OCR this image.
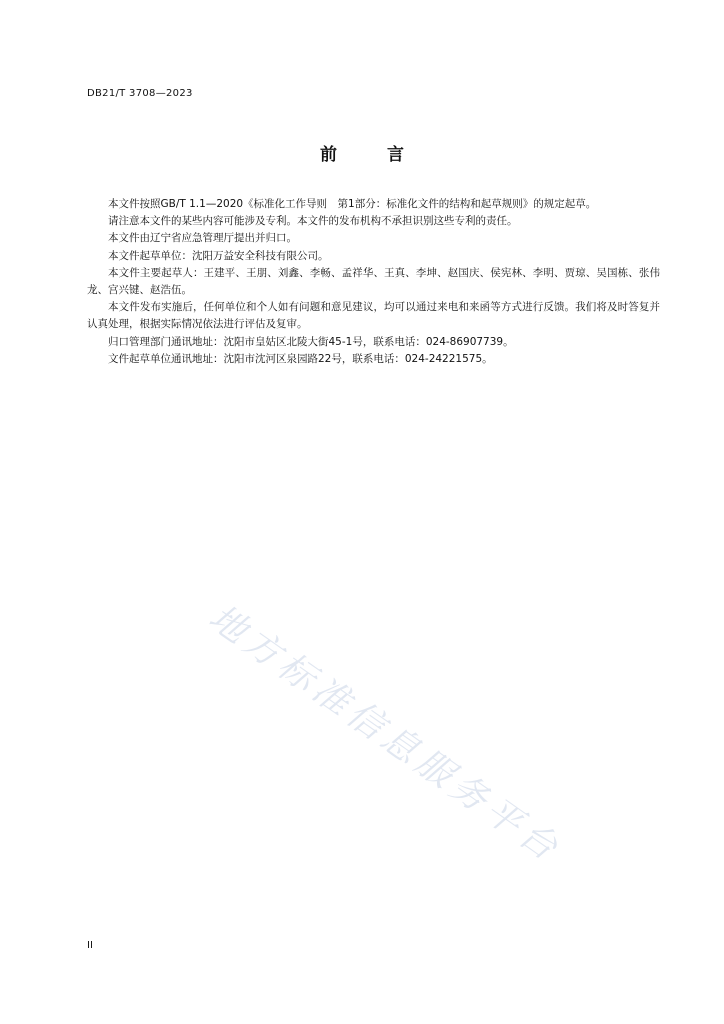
DB21/T 3708—2023
前 言

本文件按照GB/T 1.1—2020《标准化工作导则　第1部分：标准化文件的结构和起草规则》的规定起草。

请注意本文件的某些内容可能涉及专利。本文件的发布机构不承担识别这些专利的责任。

本文件由辽宁省应急管理厅提出并归口。

本文件起草单位：沈阳万益安全科技有限公司。

本文件主要起草人：王建平、王朋、刘鑫、李畅、孟祥华、王真、李坤、赵国庆、侯宪林、李明、贾琼、吴国栋、张伟龙、宫兴键、赵浩伍。

本文件发布实施后，任何单位和个人如有问题和意见建议，均可以通过来电和来函等方式进行反馈。我们将及时答复并认真处理，根据实际情况依法进行评估及复审。

归口管理部门通讯地址：沈阳市皇姑区北陵大街45-1号，联系电话：024-86907739。

文件起草单位通讯地址：沈阳市沈河区泉园路22号，联系电话：024-24221575。

地方标准信息服务平台
II
